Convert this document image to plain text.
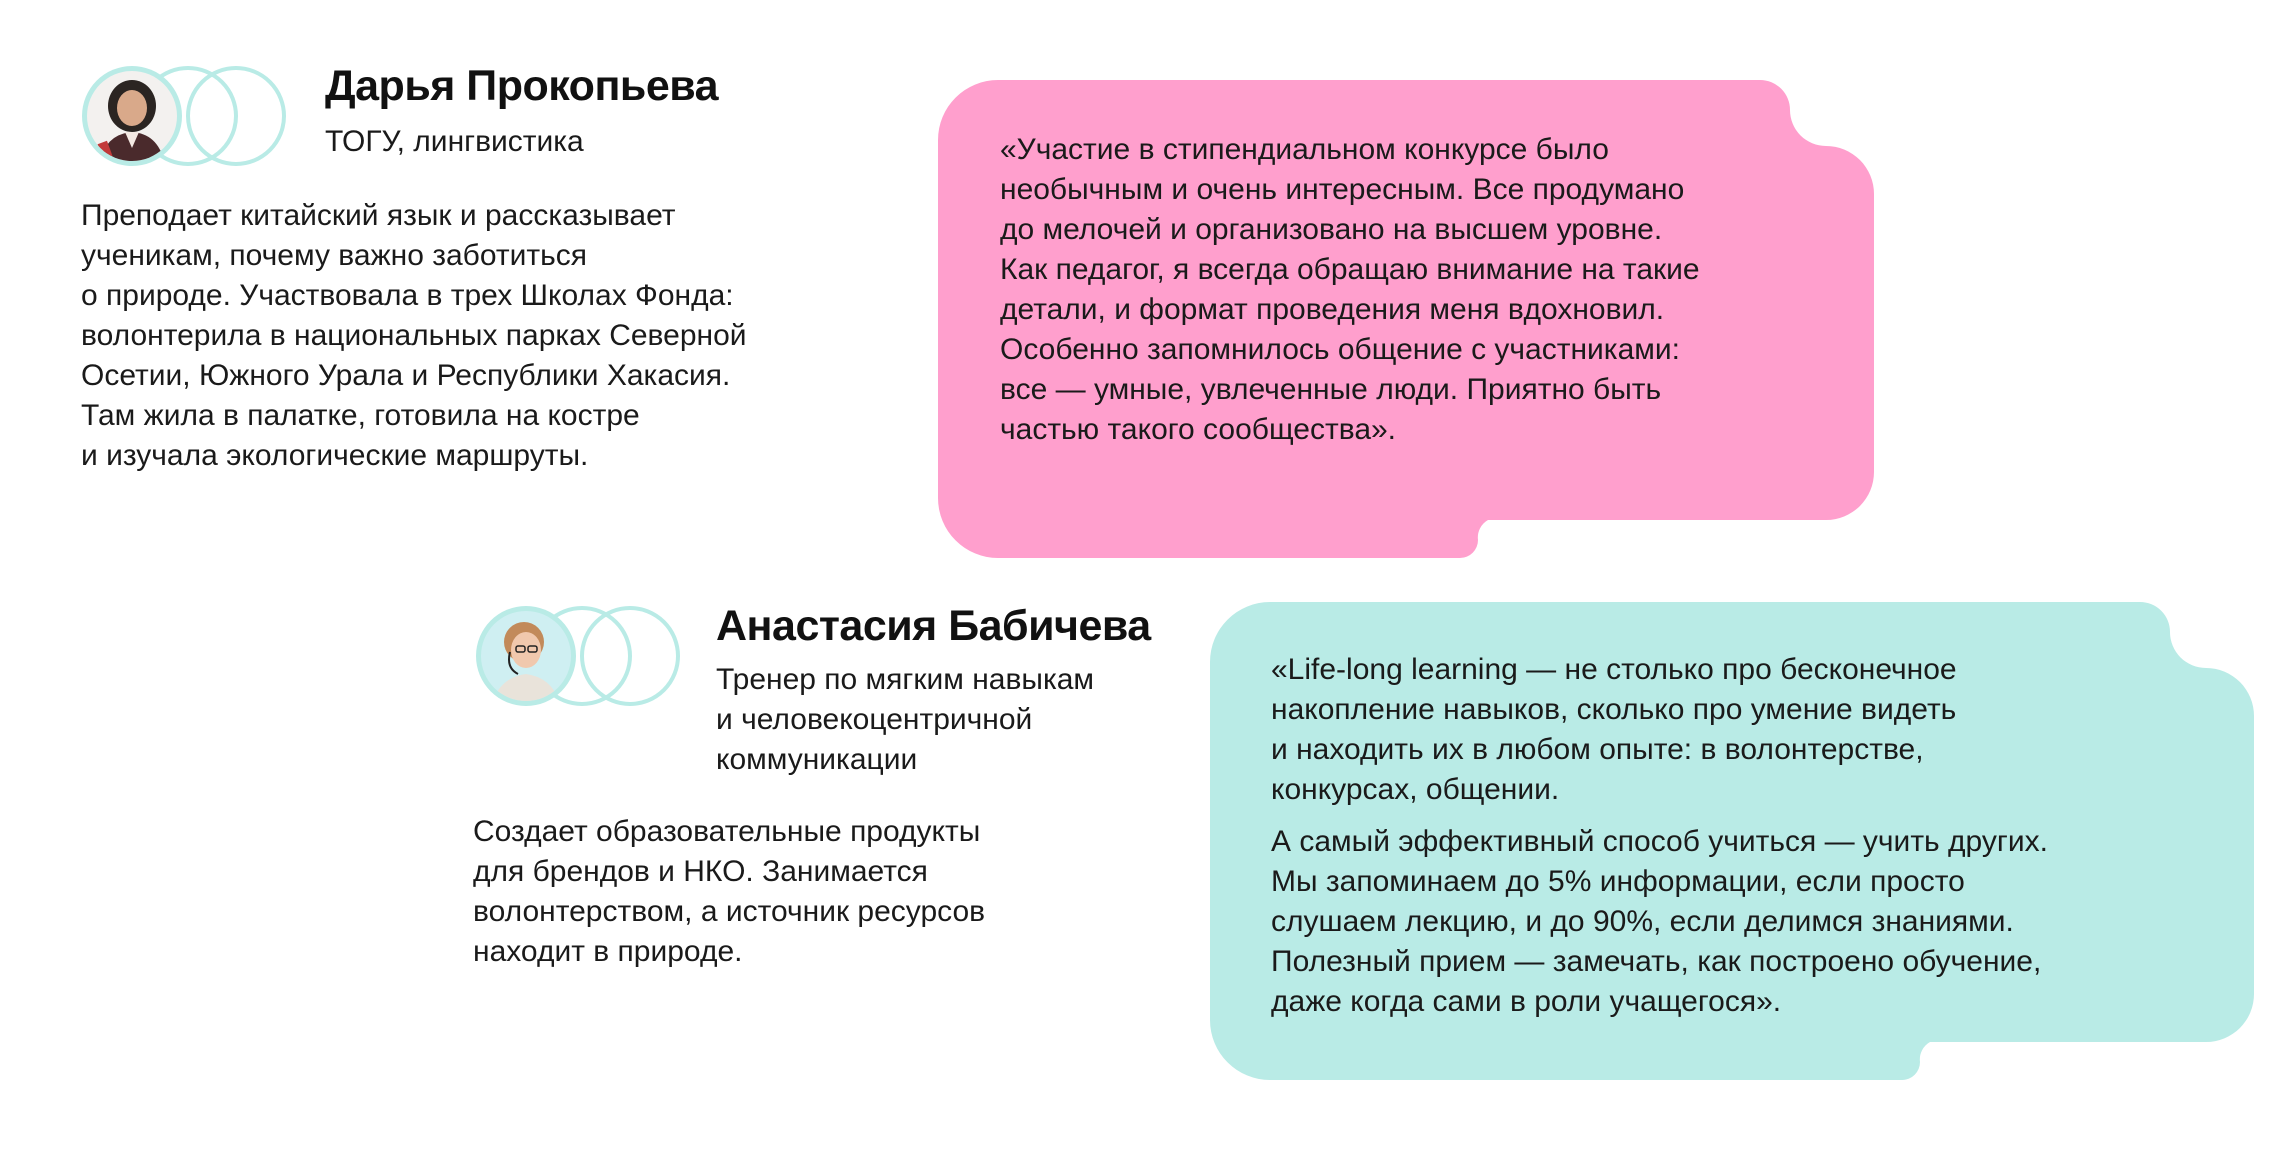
Дарья Прокопьева

ТОГУ, лингвистика

Преподает китайский язык и рассказывает
ученикам, почему важно заботиться
о природе. Участвовала в трех Школах Фонда:
волонтерила в национальных парках Северной
Осетии, Южного Урала и Республики Хакасия.
Там жила в палатке, готовила на костре
и изучала экологические маршруты.

«Участие в стипендиальном конкурсе было
необычным и очень интересным. Все продумано
до мелочей и организовано на высшем уровне.
Как педагог, я всегда обращаю внимание на такие
детали, и формат проведения меня вдохновил.
Особенно запомнилось общение с участниками:
все — умные, увлеченные люди. Приятно быть
частью такого сообщества».

Анастасия Бабичева

Тренер по мягким навыкам
и человекоцентричной
коммуникации

Создает образовательные продукты
для брендов и НКО. Занимается
волонтерством, а источник ресурсов
находит в природе.

«Life-long learning — не столько про бесконечное
накопление навыков, сколько про умение видеть
и находить их в любом опыте: в волонтерстве,
конкурсах, общении.

А самый эффективный способ учиться — учить других.
Мы запоминаем до 5% информации, если просто
слушаем лекцию, и до 90%, если делимся знаниями.
Полезный прием — замечать, как построено обучение,
даже когда сами в роли учащегося».
